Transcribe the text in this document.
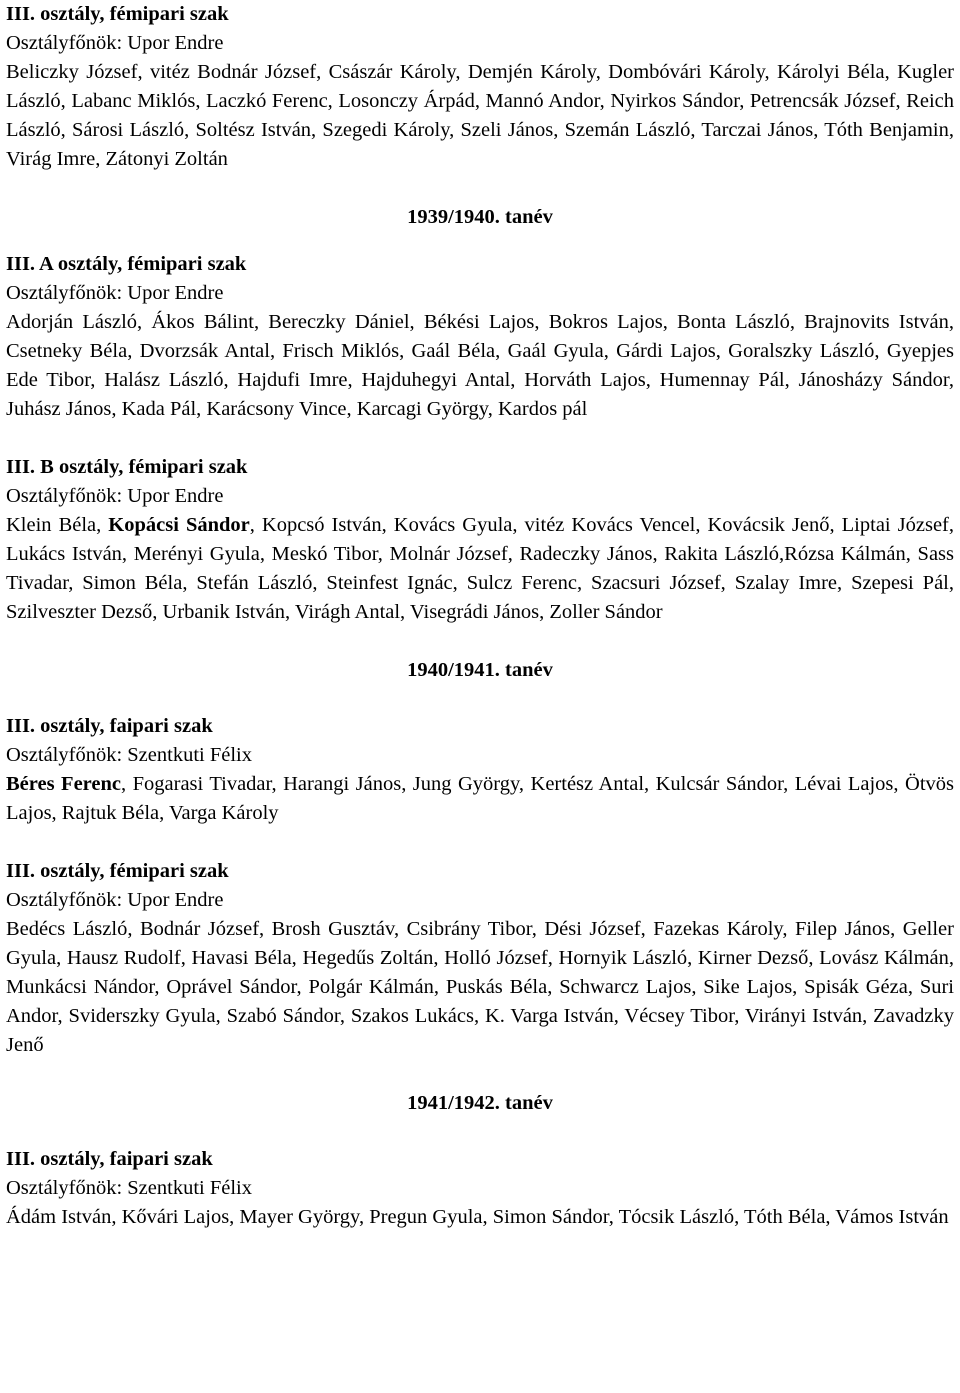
III. osztály, fémipari szak
Osztályfőnök: Upor Endre
Beliczky József, vitéz Bodnár József, Császár Károly, Demjén Károly, Dombóvári Károly, Károlyi Béla, Kugler László, Labanc Miklós, Laczkó Ferenc, Losonczy Árpád, Mannó Andor, Nyirkos Sándor, Petrencsák József, Reich László, Sárosi László, Soltész István, Szegedi Károly, Szeli János, Szemán László, Tarczai János, Tóth Benjamin, Virág Imre, Zátonyi Zoltán
1939/1940. tanév
III. A osztály, fémipari szak
Osztályfőnök: Upor Endre
Adorján László, Ákos Bálint, Bereczky Dániel, Békési Lajos, Bokros Lajos, Bonta László, Brajnovits István, Csetneky Béla, Dvorzsák Antal, Frisch Miklós, Gaál Béla, Gaál Gyula, Gárdi Lajos, Goralszky László, Gyepjes Ede Tibor, Halász László, Hajdufi Imre, Hajduhegyi Antal, Horváth Lajos, Humennay Pál, Jánosházy Sándor, Juhász János, Kada Pál, Karácsony Vince, Karcagi György, Kardos pál
III. B osztály, fémipari szak
Osztályfőnök: Upor Endre
Klein Béla, Kopácsi Sándor, Kopcsó István, Kovács Gyula, vitéz Kovács Vencel, Kovácsik Jenő, Liptai József, Lukács István, Merényi Gyula, Meskó Tibor, Molnár József, Radeczky János, Rakita László,Rózsa Kálmán, Sass Tivadar, Simon Béla, Stefán László, Steinfest Ignác, Sulcz Ferenc, Szacsuri József, Szalay Imre, Szepesi Pál, Szilveszter Dezső, Urbanik István, Virágh Antal, Visegrádi János, Zoller Sándor
1940/1941. tanév
III. osztály, faipari szak
Osztályfőnök: Szentkuti Félix
Béres Ferenc, Fogarasi Tivadar, Harangi János, Jung György, Kertész Antal, Kulcsár Sándor, Lévai Lajos, Ötvös Lajos, Rajtuk Béla, Varga Károly
III. osztály, fémipari szak
Osztályfőnök: Upor Endre
Bedécs László, Bodnár József, Brosh Gusztáv, Csibrány Tibor, Dési József, Fazekas Károly, Filep János, Geller Gyula, Hausz Rudolf, Havasi Béla, Hegedűs Zoltán, Holló József, Hornyik László, Kirner Dezső, Lovász Kálmán, Munkácsi Nándor, Oprável Sándor, Polgár Kálmán, Puskás Béla, Schwarcz Lajos, Sike Lajos, Spisák Géza, Suri Andor, Sviderszky Gyula, Szabó Sándor, Szakos Lukács, K. Varga István, Vécsey Tibor, Virányi István, Zavadzky Jenő
1941/1942. tanév
III. osztály, faipari szak
Osztályfőnök: Szentkuti Félix
Ádám István, Kővári Lajos, Mayer György, Pregun Gyula, Simon Sándor, Tócsik László, Tóth Béla, Vámos István
